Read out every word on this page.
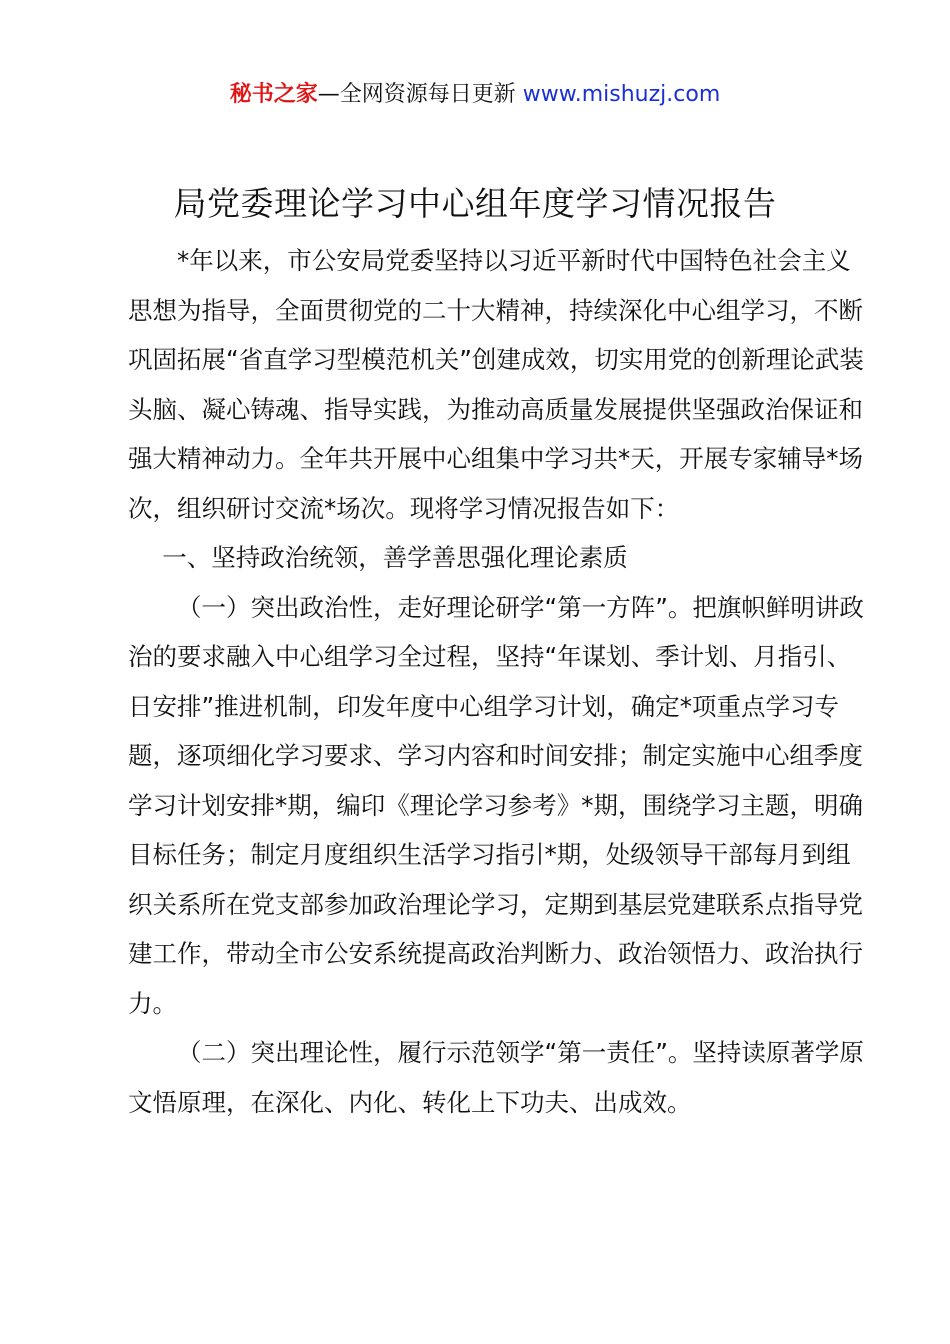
秘书之家—全网资源每日更新 www.mishuzj.com
局党委理论学习中心组年度学习情况报告

*年以来，市公安局党委坚持以习近平新时代中国特色社会主义思想为指导，全面贯彻党的二十大精神，持续深化中心组学习，不断巩固拓展“省直学习型模范机关”创建成效，切实用党的创新理论武装头脑、凝心铸魂、指导实践，为推动高质量发展提供坚强政治保证和强大精神动力。全年共开展中心组集中学习共*天，开展专家辅导*场次，组织研讨交流*场次。现将学习情况报告如下：

一、坚持政治统领，善学善思强化理论素质

（一）突出政治性，走好理论研学“第一方阵”。把旗帜鲜明讲政治的要求融入中心组学习全过程，坚持“年谋划、季计划、月指引、日安排”推进机制，印发年度中心组学习计划，确定*项重点学习专题，逐项细化学习要求、学习内容和时间安排；制定实施中心组季度学习计划安排*期，编印《理论学习参考》*期，围绕学习主题，明确目标任务；制定月度组织生活学习指引*期，处级领导干部每月到组织关系所在党支部参加政治理论学习，定期到基层党建联系点指导党建工作，带动全市公安系统提高政治判断力、政治领悟力、政治执行力。

（二）突出理论性，履行示范领学“第一责任”。坚持读原著学原文悟原理，在深化、内化、转化上下功夫、出成效。
